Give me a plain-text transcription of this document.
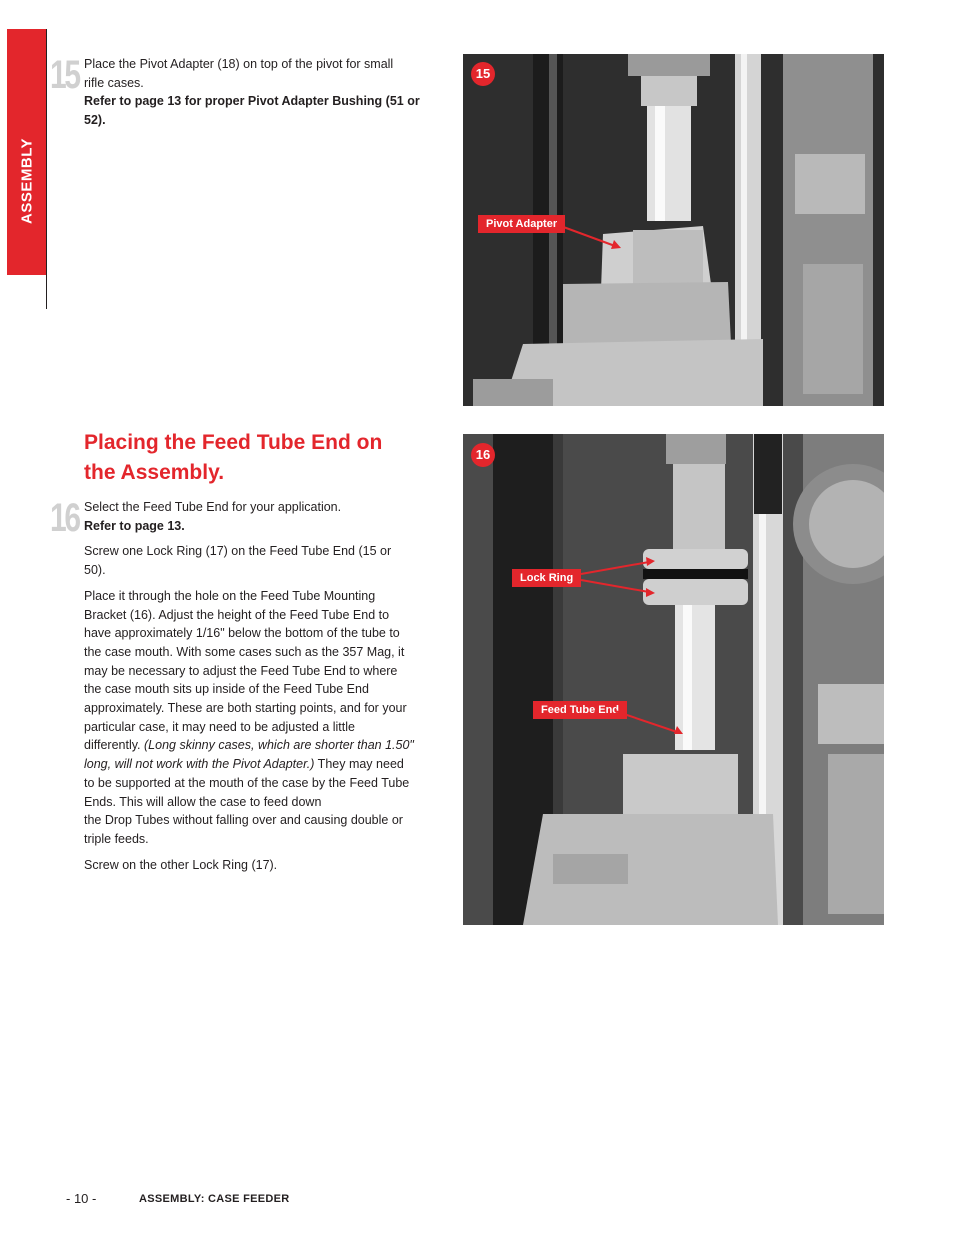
ASSEMBLY
15 Place the Pivot Adapter (18) on top of the pivot for small rifle cases.

Refer to page 13 for proper Pivot Adapter Bushing (51 or 52).

15
Pivot Adapter
Placing the Feed Tube End on the Assembly.
16 Select the Feed Tube End for your application.

Refer to page 13.

Screw one Lock Ring (17) on the Feed Tube End (15 or 50).

Place it through the hole on the Feed Tube Mounting Bracket (16). Adjust the height of the Feed Tube End to have approximately 1/16" below the bottom of the tube to the case mouth. With some cases such as the 357 Mag, it may be necessary to adjust the Feed Tube End to where the case mouth sits up inside of the Feed Tube End approximately. These are both starting points, and for your particular case, it may need to be adjusted a little differently. (Long skinny cases, which are shorter than 1.50" long, will not work with the Pivot Adapter.) They may need to be supported at the mouth of the case by the Feed Tube Ends. This will allow the case to feed down

the Drop Tubes without falling over and causing double or triple feeds.

Screw on the other Lock Ring (17).

16
Lock Ring
Feed Tube End
- 10 -	ASSEMBLY: CASE FEEDER
